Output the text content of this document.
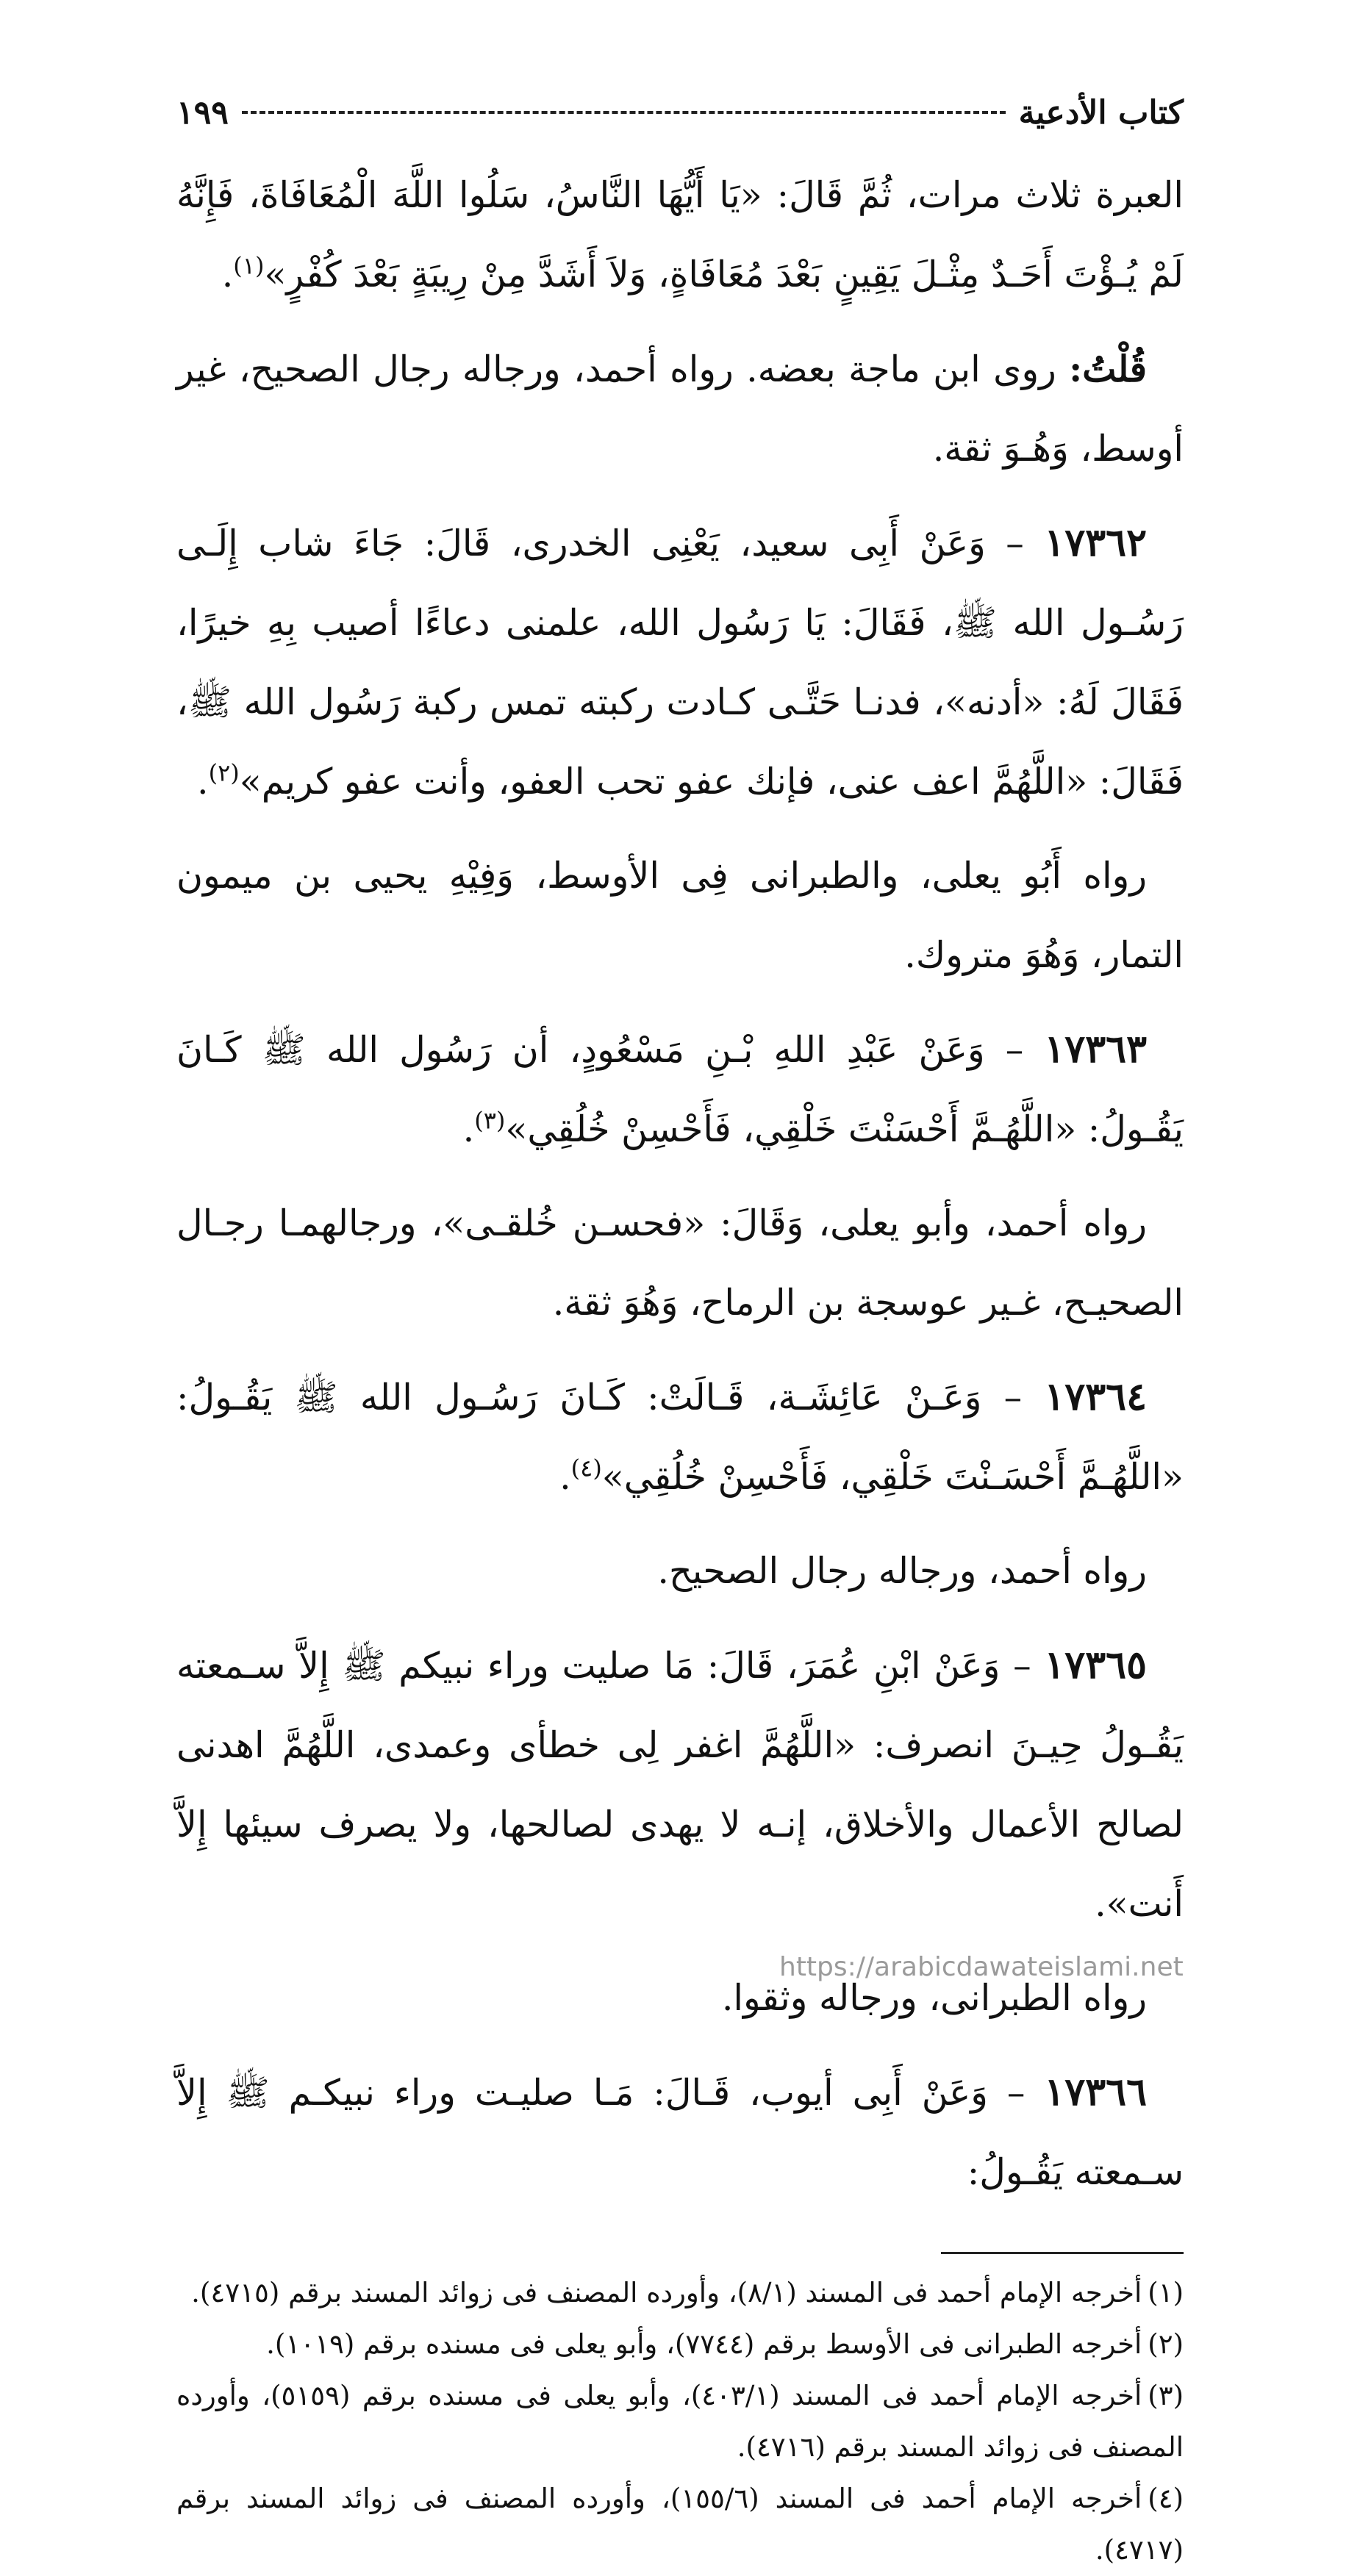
كتاب الأدعية
١٩٩

العبرة ثلاث مرات، ثُمَّ قَالَ: «يَا أَيُّهَا النَّاسُ، سَلُوا اللَّهَ الْمُعَافَاةَ، فَإِنَّهُ لَمْ يُـؤْتَ أَحَـدٌ مِثْـلَ يَقِينٍ بَعْدَ مُعَافَاةٍ، وَلاَ أَشَدَّ مِنْ رِيبَةٍ بَعْدَ كُفْرٍ»$^{(١)}$.

قُلْتُ: روى ابن ماجة بعضه. رواه أحمد، ورجاله رجال الصحيح، غير أوسط، وَهُـوَ ثقة.

١٧٣٦٢ – وَعَنْ أَبِى سعيد، يَعْنِى الخدرى، قَالَ: جَاءَ شاب إِلَـى رَسُـول الله ﷺ، فَقَالَ: يَا رَسُول الله، علمنى دعاءًا أصيب بِهِ خيرًا، فَقَالَ لَهُ: «أدنه»، فدنـا حَتَّـى كـادت ركبته تمس ركبة رَسُول الله ﷺ، فَقَالَ: «اللَّهُمَّ اعف عنى، فإنك عفو تحب العفو، وأنت عفو كريم»$^{(٢)}$.

رواه أَبُو يعلى، والطبرانى فِى الأوسط، وَفِيْهِ يحيى بن ميمون التمار، وَهُوَ متروك.

١٧٣٦٣ – وَعَنْ عَبْدِ اللهِ بْـنِ مَسْعُودٍ، أن رَسُول الله ﷺ كَـانَ يَقُـولُ: «اللَّهُـمَّ أَحْسَنْتَ خَلْقِي، فَأَحْسِنْ خُلُقِي»$^{(٣)}$.

رواه أحمد، وأبو يعلى، وَقَالَ: «فحسـن خُلقـى»، ورجالهمـا رجـال الصحيـح، غـير عوسجة بن الرماح، وَهُوَ ثقة.

١٧٣٦٤ – وَعَـنْ عَائِشَـة، قَـالَتْ: كَـانَ رَسُـول الله ﷺ يَقُـولُ: «اللَّهُـمَّ أَحْسَـنْتَ خَلْقِي، فَأَحْسِنْ خُلُقِي»$^{(٤)}$.

رواه أحمد، ورجاله رجال الصحيح.

١٧٣٦٥ – وَعَنْ ابْنِ عُمَرَ، قَالَ: مَا صليت وراء نبيكم ﷺ إِلاَّ سـمعته يَقُـولُ حِيـنَ انصرف: «اللَّهُمَّ اغفر لِى خطأى وعمدى، اللَّهُمَّ اهدنى لصالح الأعمال والأخلاق، إنـه لا يهدى لصالحها، ولا يصرف سيئها إِلاَّ أَنت».

رواه الطبرانى، ورجاله وثقوا.

١٧٣٦٦ – وَعَنْ أَبِى أيوب، قَـالَ: مَـا صليـت وراء نبيكـم ﷺ إِلاَّ سـمعته يَقُـولُ:

(١)أخرجه الإمام أحمد فى المسند (٨/١)، وأورده المصنف فى زوائد المسند برقم (٤٧١٥).

(٢)أخرجه الطبرانى فى الأوسط برقم (٧٧٤٤)، وأبو يعلى فى مسنده برقم (١٠١٩).

(٣)أخرجه الإمام أحمد فى المسند (٤٠٣/١)، وأبو يعلى فى مسنده برقم (٥١٥٩)، وأورده المصنف فى زوائد المسند برقم (٤٧١٦).

(٤)أخرجه الإمام أحمد فى المسند (١٥٥/٦)، وأورده المصنف فى زوائد المسند برقم (٤٧١٧).

https://arabicdawateislami.net
